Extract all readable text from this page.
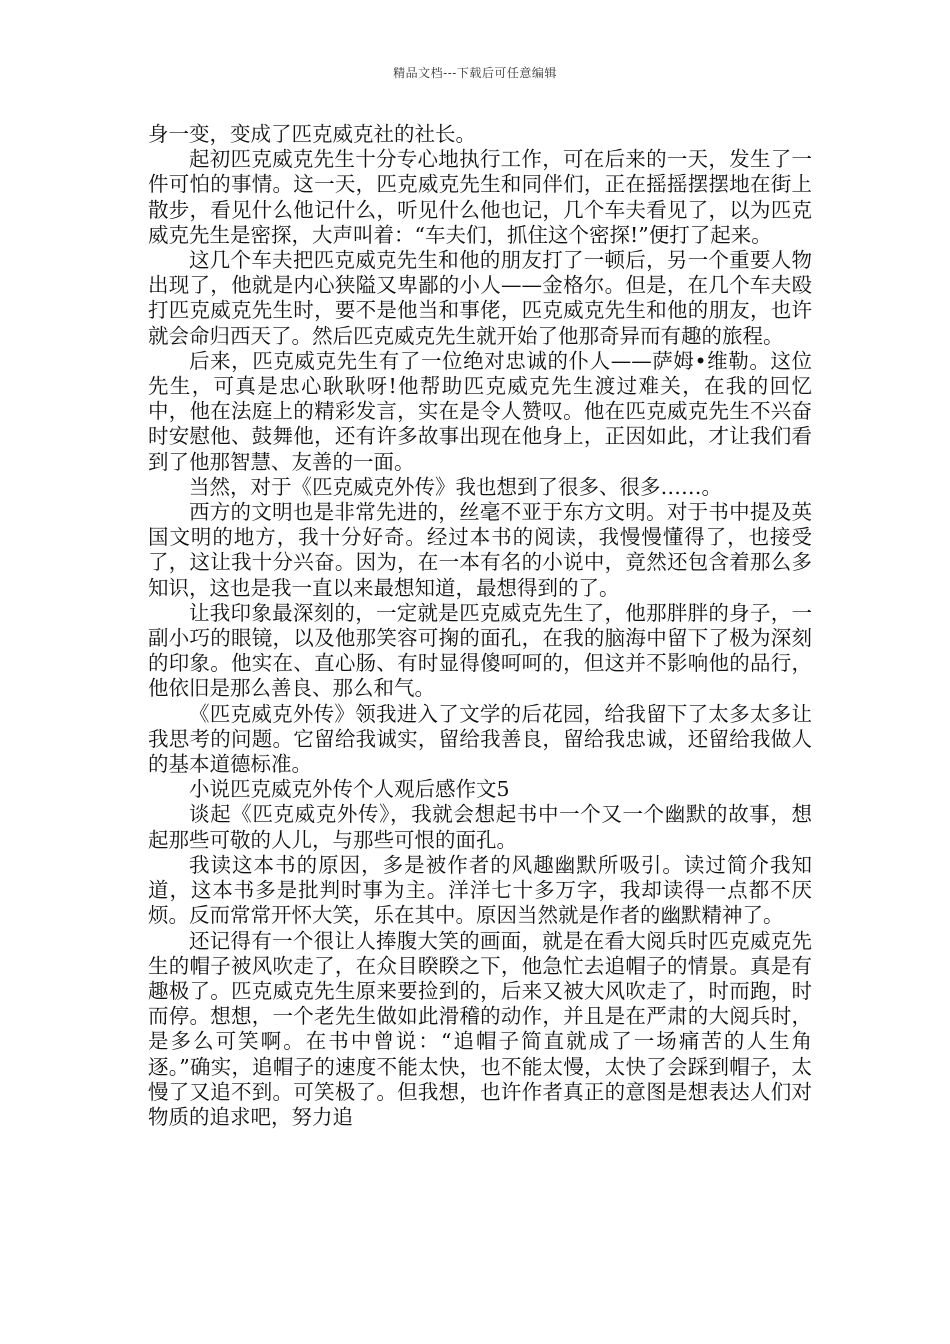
精品文档---下载后可任意编辑

身一变，变成了匹克威克社的社长。

起初匹克威克先生十分专心地执行工作，可在后来的一天，发生了一件可怕的事情。这一天，匹克威克先生和同伴们，正在摇摇摆摆地在街上散步，看见什么他记什么，听见什么他也记，几个车夫看见了，以为匹克威克先生是密探，大声叫着：“车夫们，抓住这个密探!”便打了起来。

这几个车夫把匹克威克先生和他的朋友打了一顿后，另一个重要人物出现了，他就是内心狭隘又卑鄙的小人——金格尔。但是，在几个车夫殴打匹克威克先生时，要不是他当和事佬，匹克威克先生和他的朋友，也许就会命归西天了。然后匹克威克先生就开始了他那奇异而有趣的旅程。

后来，匹克威克先生有了一位绝对忠诚的仆人——萨姆•维勒。这位先生，可真是忠心耿耿呀!他帮助匹克威克先生渡过难关，在我的回忆中，他在法庭上的精彩发言，实在是令人赞叹。他在匹克威克先生不兴奋时安慰他、鼓舞他，还有许多故事出现在他身上，正因如此，才让我们看到了他那智慧、友善的一面。

当然，对于《匹克威克外传》我也想到了很多、很多……。

西方的文明也是非常先进的，丝毫不亚于东方文明。对于书中提及英国文明的地方，我十分好奇。经过本书的阅读，我慢慢懂得了，也接受了，这让我十分兴奋。因为，在一本有名的小说中，竟然还包含着那么多知识，这也是我一直以来最想知道，最想得到的了。

让我印象最深刻的，一定就是匹克威克先生了，他那胖胖的身子，一副小巧的眼镜，以及他那笑容可掬的面孔，在我的脑海中留下了极为深刻的印象。他实在、直心肠、有时显得傻呵呵的，但这并不影响他的品行，他依旧是那么善良、那么和气。

《匹克威克外传》领我进入了文学的后花园，给我留下了太多太多让我思考的问题。它留给我诚实，留给我善良，留给我忠诚，还留给我做人的基本道德标准。

小说匹克威克外传个人观后感作文5

谈起《匹克威克外传》，我就会想起书中一个又一个幽默的故事，想起那些可敬的人儿，与那些可恨的面孔。

我读这本书的原因，多是被作者的风趣幽默所吸引。读过简介我知道，这本书多是批判时事为主。洋洋七十多万字，我却读得一点都不厌烦。反而常常开怀大笑，乐在其中。原因当然就是作者的幽默精神了。

还记得有一个很让人捧腹大笑的画面，就是在看大阅兵时匹克威克先生的帽子被风吹走了，在众目睽睽之下，他急忙去追帽子的情景。真是有趣极了。匹克威克先生原来要捡到的，后来又被大风吹走了，时而跑，时而停。想想，一个老先生做如此滑稽的动作，并且是在严肃的大阅兵时，是多么可笑啊。在书中曾说：“追帽子简直就成了一场痛苦的人生角逐。”确实，追帽子的速度不能太快，也不能太慢，太快了会踩到帽子，太慢了又追不到。可笑极了。但我想，也许作者真正的意图是想表达人们对物质的追求吧，努力追
